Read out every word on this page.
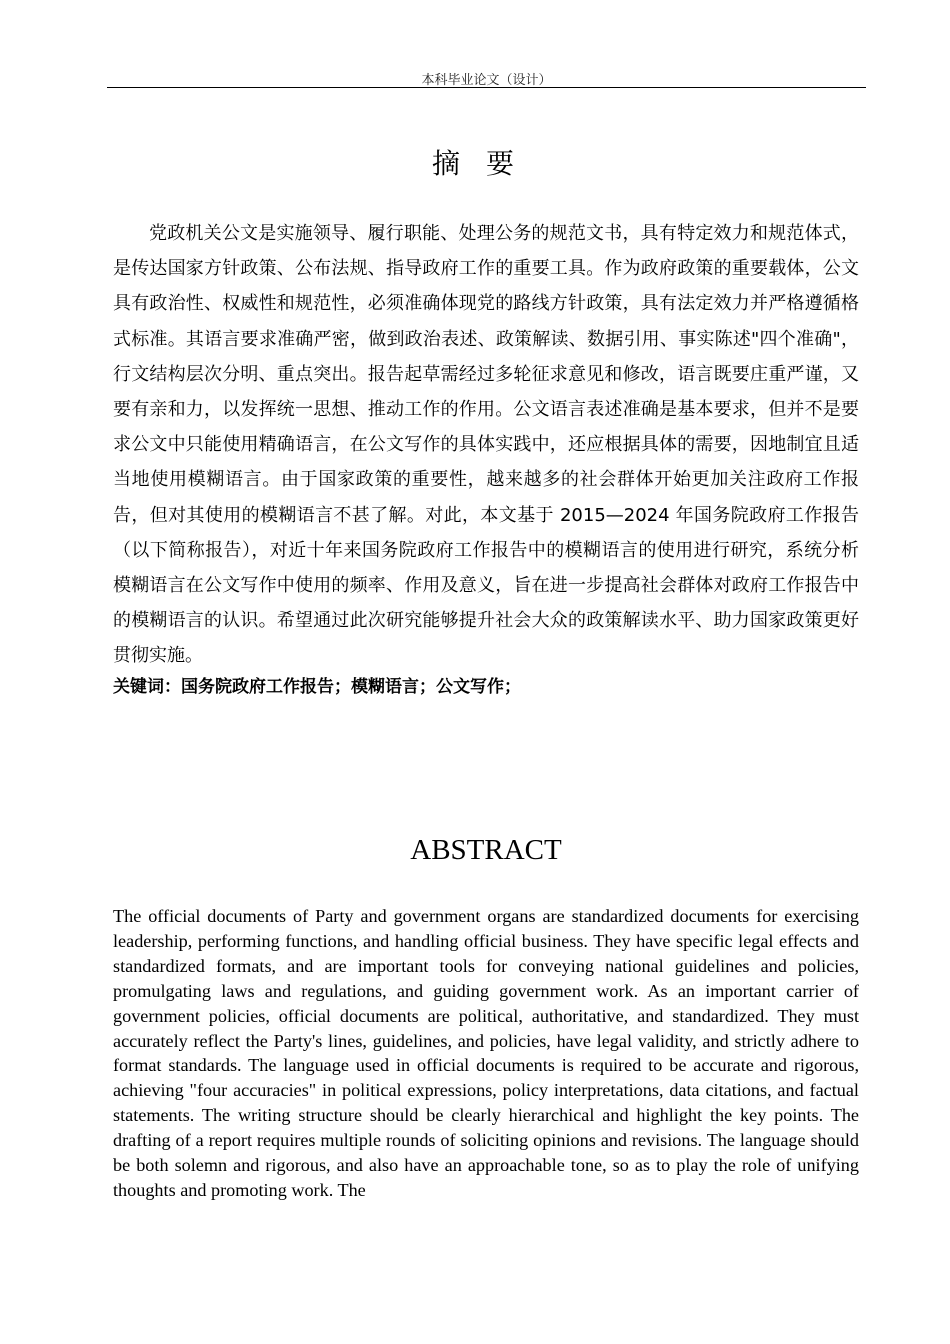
本科毕业论文（设计）
摘要

党政机关公文是实施领导、履行职能、处理公务的规范文书，具有特定效力和规范体式，是传达国家方针政策、公布法规、指导政府工作的重要工具。作为政府政策的重要载体，公文具有政治性、权威性和规范性，必须准确体现党的路线方针政策，具有法定效力并严格遵循格式标准。其语言要求准确严密，做到政治表述、政策解读、数据引用、事实陈述"四个准确"，行文结构层次分明、重点突出。报告起草需经过多轮征求意见和修改，语言既要庄重严谨，又要有亲和力，以发挥统一思想、推动工作的作用。公文语言表述准确是基本要求，但并不是要求公文中只能使用精确语言，在公文写作的具体实践中，还应根据具体的需要，因地制宜且适当地使用模糊语言。由于国家政策的重要性，越来越多的社会群体开始更加关注政府工作报告，但对其使用的模糊语言不甚了解。对此，本文基于 2015—2024 年国务院政府工作报告（以下简称报告），对近十年来国务院政府工作报告中的模糊语言的使用进行研究，系统分析模糊语言在公文写作中使用的频率、作用及意义，旨在进一步提高社会群体对政府工作报告中的模糊语言的认识。希望通过此次研究能够提升社会大众的政策解读水平、助力国家政策更好贯彻实施。

关键词：国务院政府工作报告；模糊语言；公文写作；
ABSTRACT

The official documents of Party and government organs are standardized documents for exercising leadership, performing functions, and handling official business. They have specific legal effects and standardized formats, and are important tools for conveying national guidelines and policies, promulgating laws and regulations, and guiding government work. As an important carrier of government policies, official documents are political, authoritative, and standardized. They must accurately reflect the Party's lines, guidelines, and policies, have legal validity, and strictly adhere to format standards. The language used in official documents is required to be accurate and rigorous, achieving "four accuracies" in political expressions, policy interpretations, data citations, and factual statements. The writing structure should be clearly hierarchical and highlight the key points. The drafting of a report requires multiple rounds of soliciting opinions and revisions. The language should be both solemn and rigorous, and also have an approachable tone, so as to play the role of unifying thoughts and promoting work. The
